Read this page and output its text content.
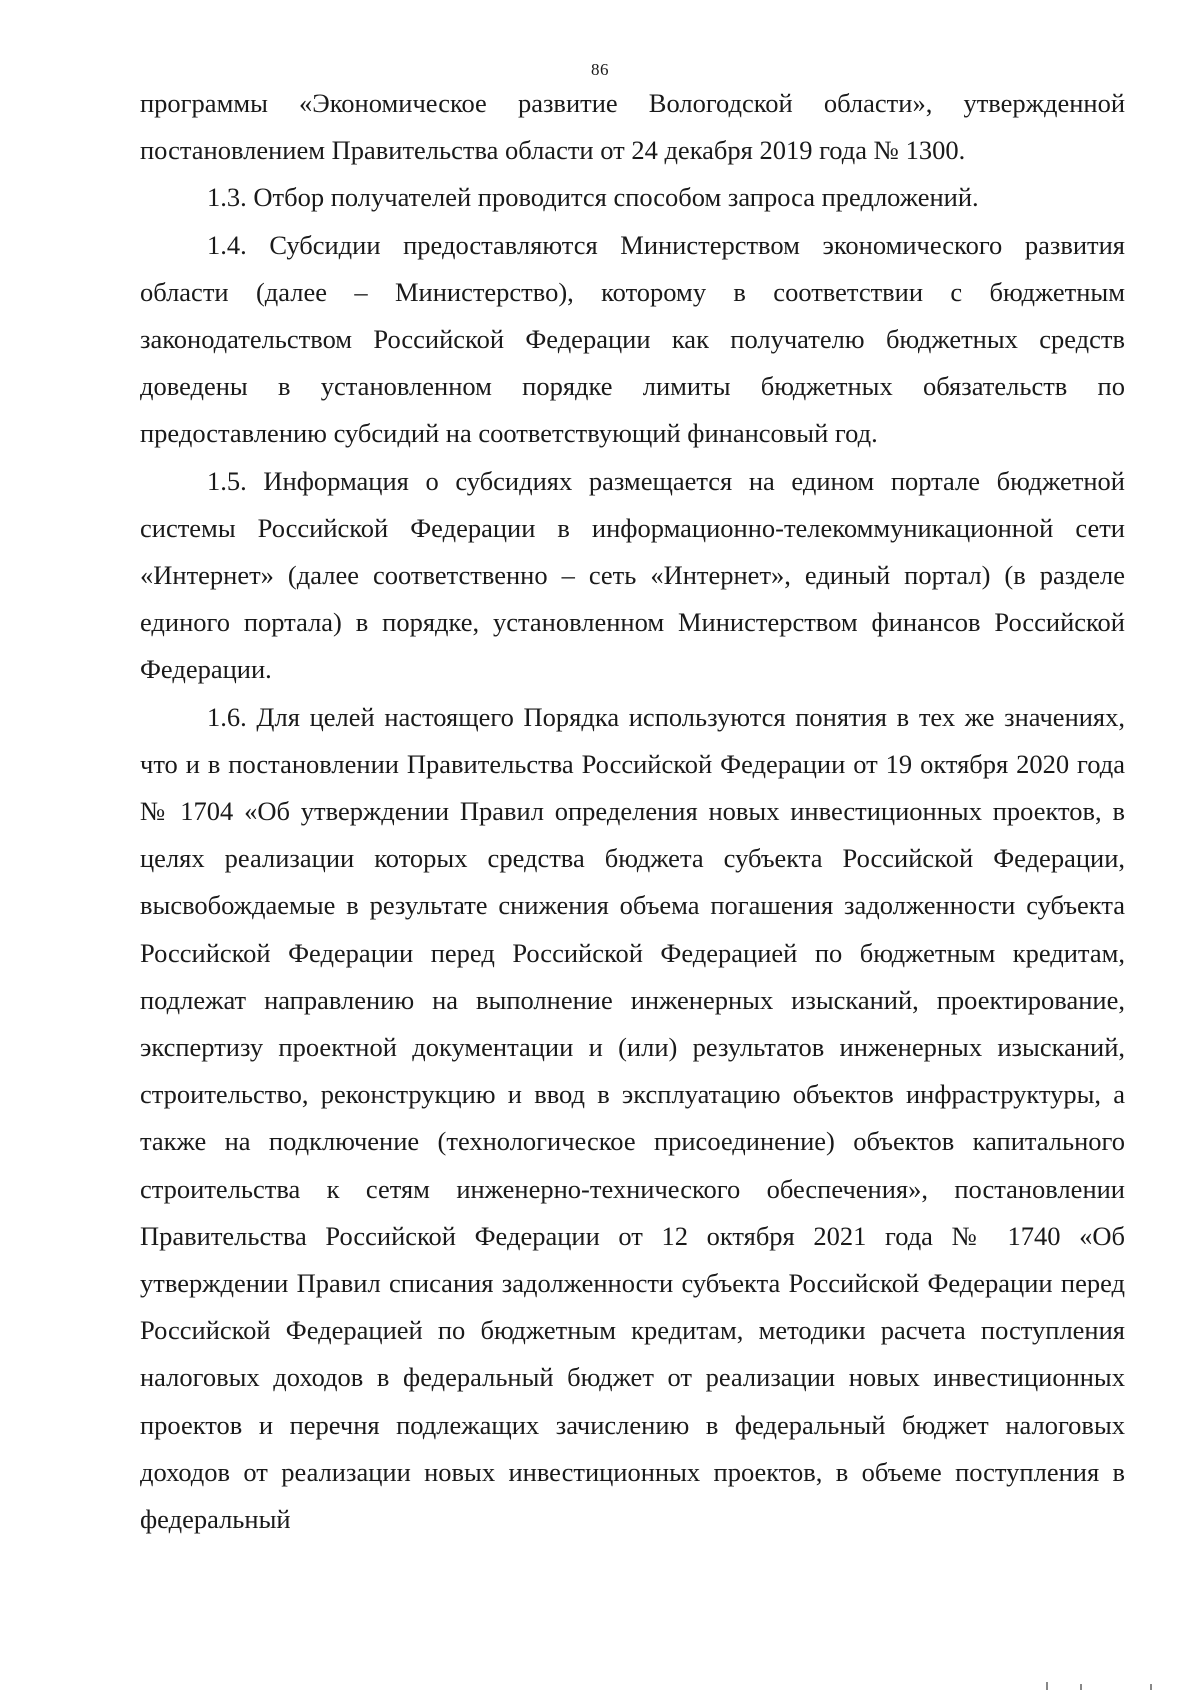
86

программы «Экономическое развитие Вологодской области», утвержденной постановлением Правительства области от 24 декабря 2019 года № 1300.

1.3. Отбор получателей проводится способом запроса предложений.

1.4. Субсидии предоставляются Министерством экономического развития области (далее – Министерство), которому в соответствии с бюджетным законодательством Российской Федерации как получателю бюджетных средств доведены в установленном порядке лимиты бюджетных обязательств по предоставлению субсидий на соответствующий финансовый год.

1.5. Информация о субсидиях размещается на едином портале бюджетной системы Российской Федерации в информационно-телекоммуникационной сети «Интернет» (далее соответственно – сеть «Интернет», единый портал) (в разделе единого портала) в порядке, установленном Министерством финансов Российской Федерации.

1.6. Для целей настоящего Порядка используются понятия в тех же значениях, что и в постановлении Правительства Российской Федерации от 19 октября 2020 года № 1704 «Об утверждении Правил определения новых инвестиционных проектов, в целях реализации которых средства бюджета субъекта Российской Федерации, высвобождаемые в результате снижения объема погашения задолженности субъекта Российской Федерации перед Российской Федерацией по бюджетным кредитам, подлежат направлению на выполнение инженерных изысканий, проектирование, экспертизу проектной документации и (или) результатов инженерных изысканий, строительство, реконструкцию и ввод в эксплуатацию объектов инфраструктуры, а также на подключение (технологическое присоединение) объектов капитального строительства к сетям инженерно-технического обеспечения», постановлении Правительства Российской Федерации от 12 октября 2021 года № 1740 «Об утверждении Правил списания задолженности субъекта Российской Федерации перед Российской Федерацией по бюджетным кредитам, методики расчета поступления налоговых доходов в федеральный бюджет от реализации новых инвестиционных проектов и перечня подлежащих зачислению в федеральный бюджет налоговых доходов от реализации новых инвестиционных проектов, в объеме поступления в федеральный
